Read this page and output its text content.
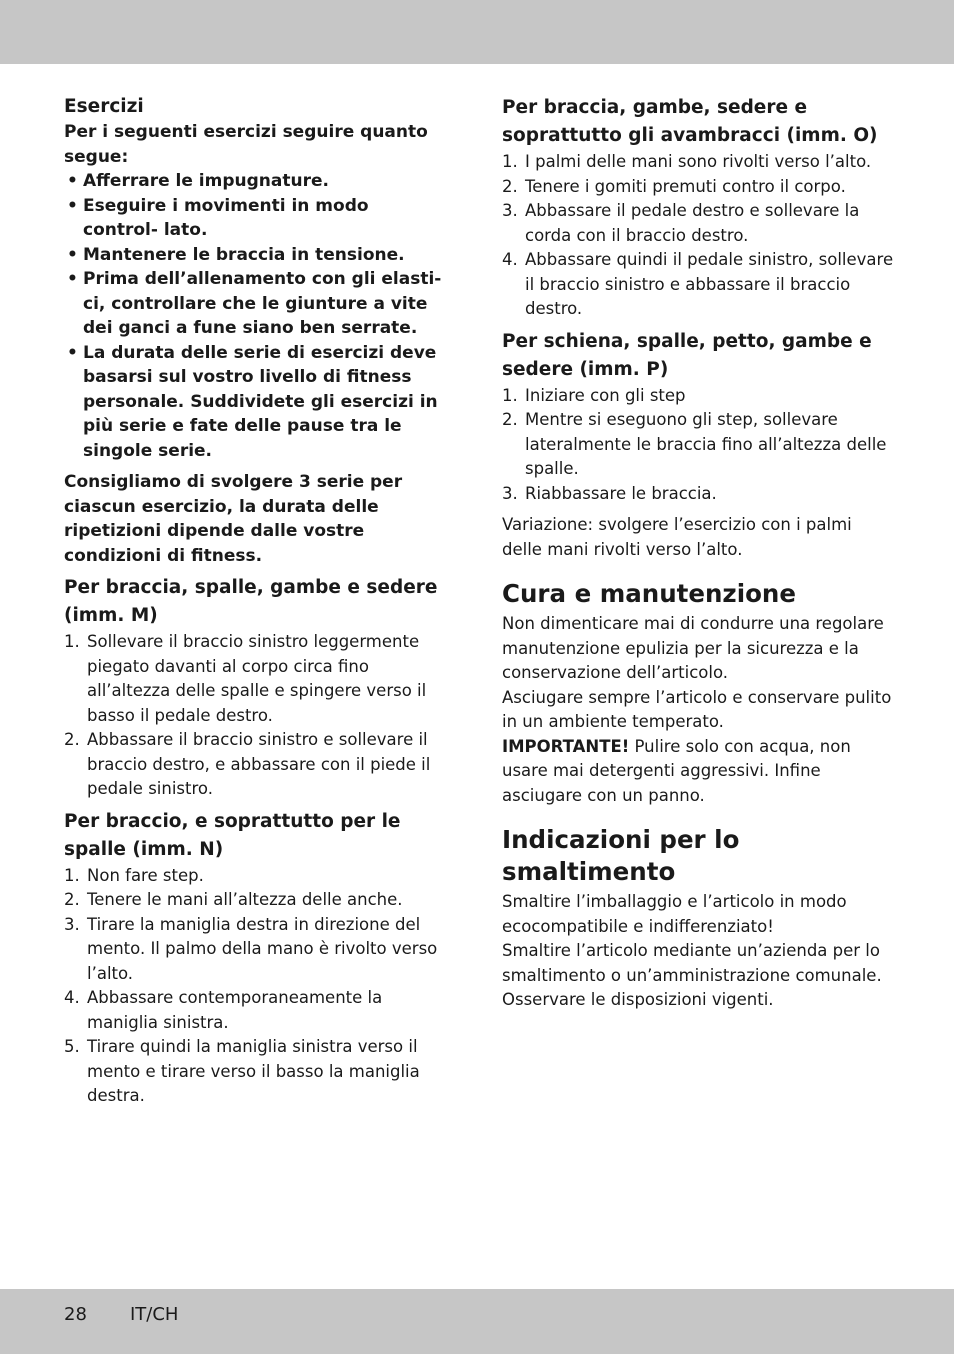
Esercizi
Per i seguenti esercizi seguire quanto segue:
• Afferrare le impugnature.
• Eseguire i movimenti in modo control- lato.
• Mantenere le braccia in tensione.
• Prima dell’allenamento con gli elasti- ci, controllare che le giunture a vite dei ganci a fune siano ben serrate.
• La durata delle serie di esercizi deve basarsi sul vostro livello di fitness personale. Suddividete gli esercizi in più serie e fate delle pause tra le singole serie.
Consigliamo di svolgere 3 serie per ciascun esercizio, la durata delle ripetizioni dipende dalle vostre condizioni di fitness.
Per braccia, spalle, gambe e sedere (imm. M)
1. Sollevare il braccio sinistro leggermente piegato davanti al corpo circa fino all’altezza delle spalle e spingere verso il basso il pedale destro.
2. Abbassare il braccio sinistro e sollevare il braccio destro, e abbassare con il piede il pedale sinistro.
Per braccio, e soprattutto per le spalle (imm. N)
1. Non fare step.
2. Tenere le mani all’altezza delle anche.
3. Tirare la maniglia destra in direzione del mento. Il palmo della mano è rivolto verso l’alto.
4. Abbassare contemporaneamente la maniglia sinistra.
5. Tirare quindi la maniglia sinistra verso il mento e tirare verso il basso la maniglia destra.
Per braccia, gambe, sedere e soprattutto gli avambracci (imm. O)
1. I palmi delle mani sono rivolti verso l’alto.
2. Tenere i gomiti premuti contro il corpo.
3. Abbassare il pedale destro e sollevare la corda con il braccio destro.
4. Abbassare quindi il pedale sinistro, sollevare il braccio sinistro e abbassare il braccio destro.
Per schiena, spalle, petto, gambe e sedere (imm. P)
1. Iniziare con gli step
2. Mentre si eseguono gli step, sollevare lateralmente le braccia fino all’altezza delle spalle.
3. Riabbassare le braccia.

Variazione: svolgere l’esercizio con i palmi delle mani rivolti verso l’alto.

Cura e manutenzione

Non dimenticare mai di condurre una regolare manutenzione epulizia per la sicurezza e la conservazione dell’articolo.

Asciugare sempre l’articolo e conservare pulito in un ambiente temperato.

IMPORTANTE! Pulire solo con acqua, non usare mai detergenti aggressivi. Infine asciugare con un panno.

Indicazioni per lo smaltimento

Smaltire l’imballaggio e l’articolo in modo ecocompatibile e indifferenziato!

Smaltire l’articolo mediante un’azienda per lo smaltimento o un’amministrazione comunale.

Osservare le disposizioni vigenti.

28 IT/CH
